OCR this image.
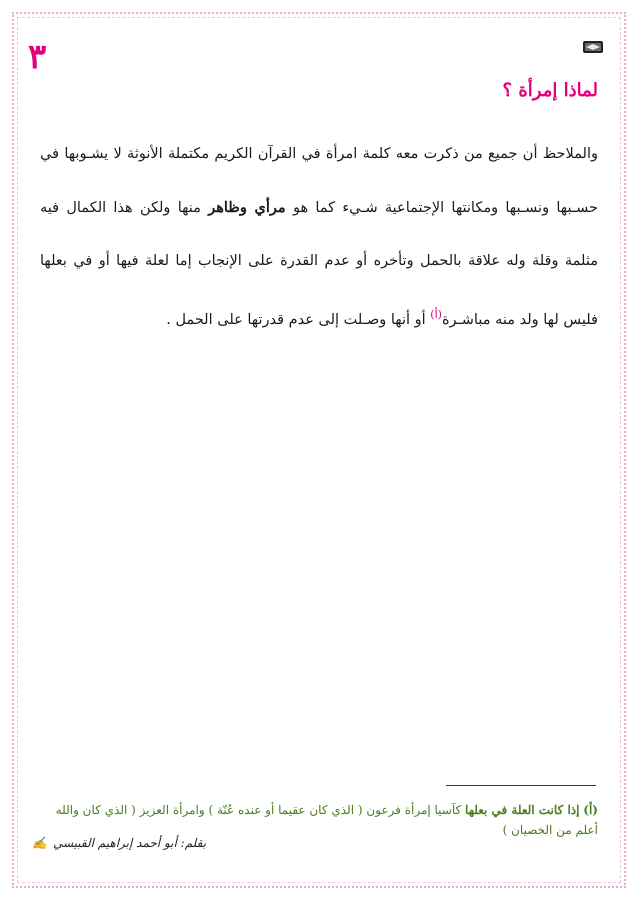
٣
لماذا إمرأة ؟
والملاحظ أن جميع من ذكرت معه كلمة امرأة في القرآن الكريم مكتملة الأنوثة لا يشـوبها في حسـبها ونسـبها ومكانتها الإجتماعية شـيء كما هو مرأي وظاهر منها ولكن هذا الكمال فيه مثلمة وقلة وله علاقة بالحمل وتأخره أو عدم القدرة على الإنجاب إما لعلة فيها أو في بعلها فليس لها ولد منه مباشـرة$^{(أ)}$ أو أنها وصـلت إلى عدم قدرتها على الحمل .
(أ) إذا كانت العلة في بعلها كآسيا إمرأة فرعون ( الذي كان عقيما أو عنده عُنّة ) وامرأة العزيز ( الذي كان والله أعلم من الخصيان )
بقلم: أبو أحمد إبراهيم القبيسي
✍
